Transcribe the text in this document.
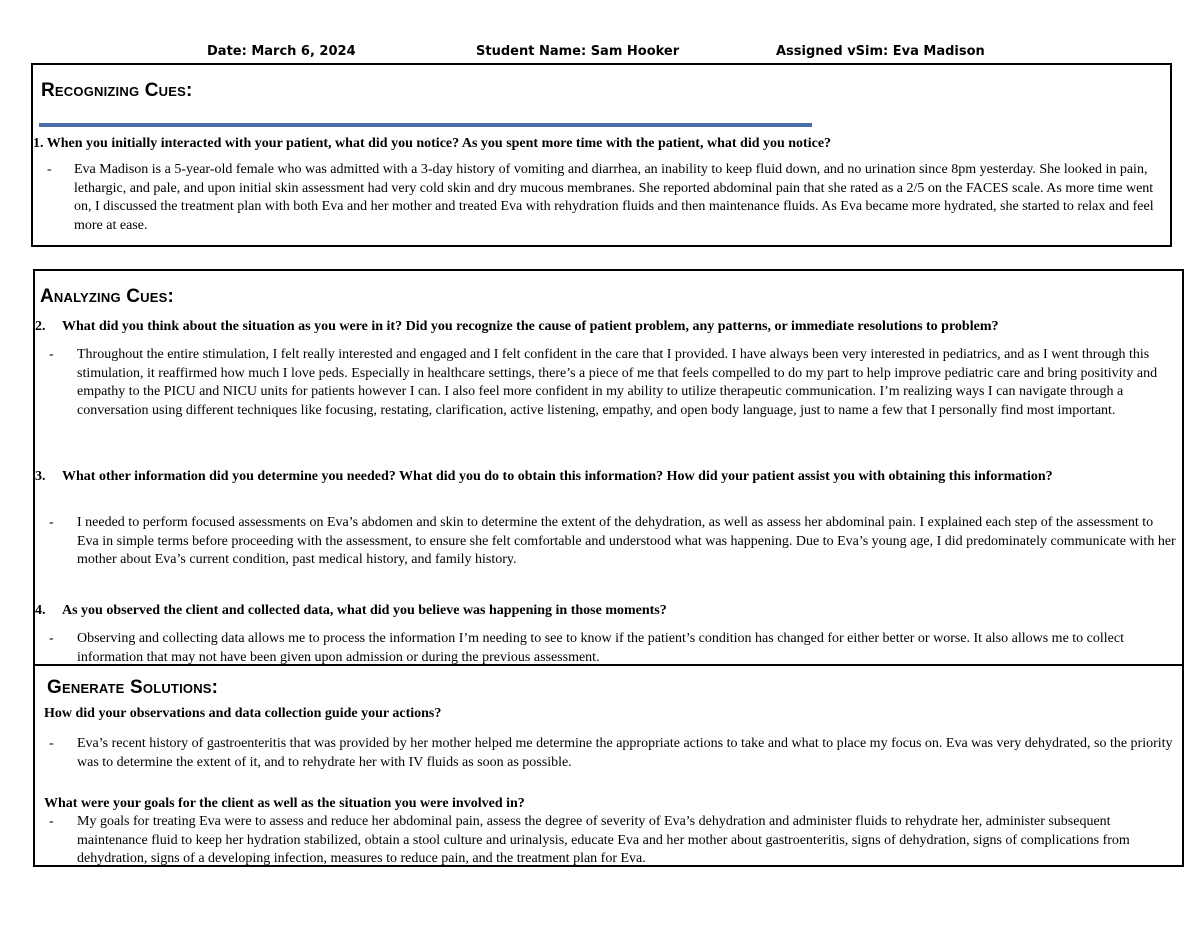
Date: March 6, 2024	Student Name: Sam Hooker	Assigned vSim: Eva Madison
Recognizing Cues:
1. When you initially interacted with your patient, what did you notice? As you spent more time with the patient, what did you notice?
- Eva Madison is a 5-year-old female who was admitted with a 3-day history of vomiting and diarrhea, an inability to keep fluid down, and no urination since 8pm yesterday. She looked in pain, lethargic, and pale, and upon initial skin assessment had very cold skin and dry mucous membranes. She reported abdominal pain that she rated as a 2/5 on the FACES scale. As more time went on, I discussed the treatment plan with both Eva and her mother and treated Eva with rehydration fluids and then maintenance fluids. As Eva became more hydrated, she started to relax and feel more at ease.
Analyzing Cues:
2. What did you think about the situation as you were in it? Did you recognize the cause of patient problem, any patterns, or immediate resolutions to problem?
- Throughout the entire stimulation, I felt really interested and engaged and I felt confident in the care that I provided. I have always been very interested in pediatrics, and as I went through this stimulation, it reaffirmed how much I love peds. Especially in healthcare settings, there’s a piece of me that feels compelled to do my part to help improve pediatric care and bring positivity and empathy to the PICU and NICU units for patients however I can. I also feel more confident in my ability to utilize therapeutic communication. I’m realizing ways I can navigate through a conversation using different techniques like focusing, restating, clarification, active listening, empathy, and open body language, just to name a few that I personally find most important.
3. What other information did you determine you needed? What did you do to obtain this information? How did your patient assist you with obtaining this information?
- I needed to perform focused assessments on Eva’s abdomen and skin to determine the extent of the dehydration, as well as assess her abdominal pain. I explained each step of the assessment to Eva in simple terms before proceeding with the assessment, to ensure she felt comfortable and understood what was happening. Due to Eva’s young age, I did predominately communicate with her mother about Eva’s current condition, past medical history, and family history.
4. As you observed the client and collected data, what did you believe was happening in those moments?
- Observing and collecting data allows me to process the information I’m needing to see to know if the patient’s condition has changed for either better or worse. It also allows me to collect information that may not have been given upon admission or during the previous assessment.
Generate Solutions:
How did your observations and data collection guide your actions?
- Eva’s recent history of gastroenteritis that was provided by her mother helped me determine the appropriate actions to take and what to place my focus on. Eva was very dehydrated, so the priority was to determine the extent of it, and to rehydrate her with IV fluids as soon as possible.
What were your goals for the client as well as the situation you were involved in?
- My goals for treating Eva were to assess and reduce her abdominal pain, assess the degree of severity of Eva’s dehydration and administer fluids to rehydrate her, administer subsequent maintenance fluid to keep her hydration stabilized, obtain a stool culture and urinalysis, educate Eva and her mother about gastroenteritis, signs of dehydration, signs of complications from dehydration, signs of a developing infection, measures to reduce pain, and the treatment plan for Eva.
